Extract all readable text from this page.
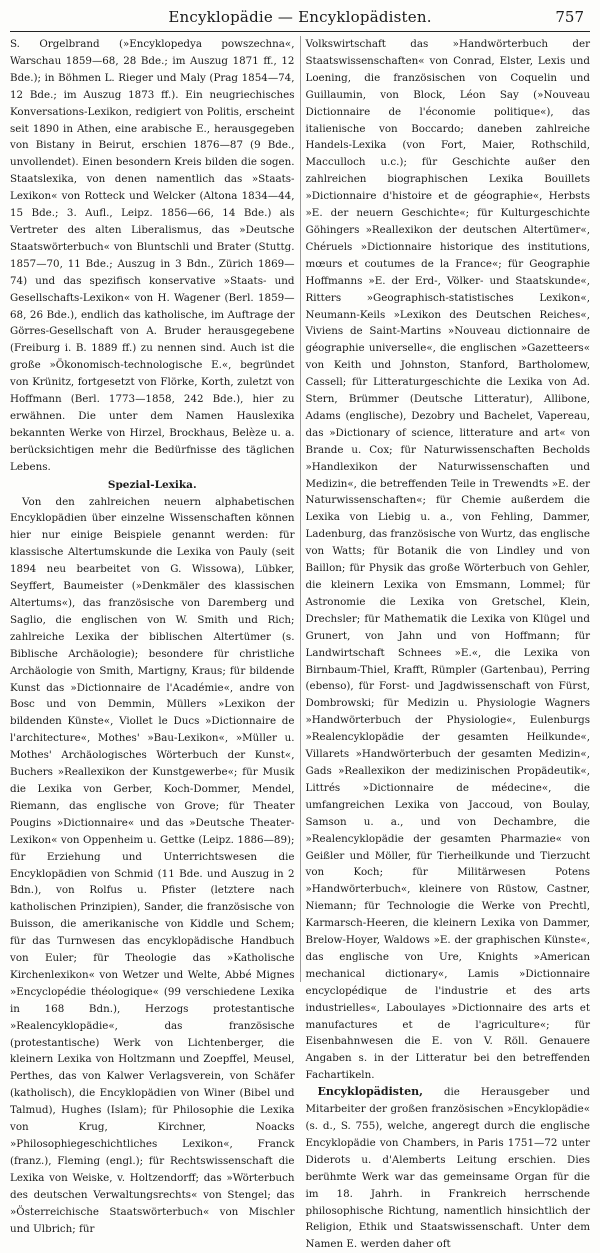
Encyklopädie — Encyklopädisten.	757

S. Orgelbrand (»Encyklopedya powszechna«, Warschau 1859—68, 28 Bde.; im Auszug 1871 ff., 12 Bde.); in Böhmen L. Rieger und Maly (Prag 1854—74, 12 Bde.; im Auszug 1873 ff.). Ein neugriechisches Konversations-Lexikon, redigiert von Politis, erscheint seit 1890 in Athen, eine arabische E., herausgegeben von Bistany in Beirut, erschien 1876—87 (9 Bde., unvollendet). Einen besondern Kreis bilden die sogen. Staatslexika, von denen namentlich das »Staats-Lexikon« von Rotteck und Welcker (Altona 1834—44, 15 Bde.; 3. Aufl., Leipz. 1856—66, 14 Bde.) als Vertreter des alten Liberalismus, das »Deutsche Staatswörterbuch« von Bluntschli und Brater (Stuttg. 1857—70, 11 Bde.; Auszug in 3 Bdn., Zürich 1869—74) und das spezifisch konservative »Staats- und Gesellschafts-Lexikon« von H. Wagener (Berl. 1859—68, 26 Bde.), endlich das katholische, im Auftrage der Görres-Gesellschaft von A. Bruder herausgegebene (Freiburg i. B. 1889 ff.) zu nennen sind. Auch ist die große »Ökonomisch-technologische E.«, begründet von Krünitz, fortgesetzt von Flörke, Korth, zuletzt von Hoffmann (Berl. 1773—1858, 242 Bde.), hier zu erwähnen. Die unter dem Namen Hauslexika bekannten Werke von Hirzel, Brockhaus, Belèze u. a. berücksichtigen mehr die Bedürfnisse des täglichen Lebens.

Spezial-Lexika.

Von den zahlreichen neuern alphabetischen Encyklopädien über einzelne Wissenschaften können hier nur einige Beispiele genannt werden: für klassische Altertumskunde die Lexika von Pauly (seit 1894 neu bearbeitet von G. Wissowa), Lübker, Seyffert, Baumeister (»Denkmäler des klassischen Altertums«), das französische von Daremberg und Saglio, die englischen von W. Smith und Rich; zahlreiche Lexika der biblischen Altertümer (s. Biblische Archäologie); besondere für christliche Archäologie von Smith, Martigny, Kraus; für bildende Kunst das »Dictionnaire de l'Académie«, andre von Bosc und von Demmin, Müllers »Lexikon der bildenden Künste«, Viollet le Ducs »Dictionnaire de l'architecture«, Mothes' »Bau-Lexikon«, »Müller u. Mothes' Archäologisches Wörterbuch der Kunst«, Buchers »Reallexikon der Kunstgewerbe«; für Musik die Lexika von Gerber, Koch-Dommer, Mendel, Riemann, das englische von Grove; für Theater Pougins »Dictionnaire« und das »Deutsche Theater-Lexikon« von Oppenheim u. Gettke (Leipz. 1886—89); für Erziehung und Unterrichtswesen die Encyklopädien von Schmid (11 Bde. und Auszug in 2 Bdn.), von Rolfus u. Pfister (letztere nach katholischen Prinzipien), Sander, die französische von Buisson, die amerikanische von Kiddle und Schem; für das Turnwesen das encyklopädische Handbuch von Euler; für Theologie das »Katholische Kirchenlexikon« von Wetzer und Welte, Abbé Mignes »Encyclopédie théologique« (99 verschiedene Lexika in 168 Bdn.), Herzogs protestantische »Realencyklopädie«, das französische (protestantische) Werk von Lichtenberger, die kleinern Lexika von Holtzmann und Zoepffel, Meusel, Perthes, das von Kalwer Verlagsverein, von Schäfer (katholisch), die Encyklopädien von Winer (Bibel und Talmud), Hughes (Islam); für Philosophie die Lexika von Krug, Kirchner, Noacks »Philosophiegeschichtliches Lexikon«, Franck (franz.), Fleming (engl.); für Rechtswissenschaft die Lexika von Weiske, v. Holtzendorff; das »Wörterbuch des deutschen Verwaltungsrechts« von Stengel; das »Österreichische Staatswörterbuch« von Mischler und Ulbrich; für

Volkswirtschaft das »Handwörterbuch der Staatswissenschaften« von Conrad, Elster, Lexis und Loening, die französischen von Coquelin und Guillaumin, von Block, Léon Say (»Nouveau Dictionnaire de l'économie politique«), das italienische von Boccardo; daneben zahlreiche Handels-Lexika (von Fort, Maier, Rothschild, Macculloch u.c.); für Geschichte außer den zahlreichen biographischen Lexika Bouillets »Dictionnaire d'histoire et de géographie«, Herbsts »E. der neuern Geschichte«; für Kulturgeschichte Göhingers »Reallexikon der deutschen Altertümer«, Chéruels »Dictionnaire historique des institutions, mœurs et coutumes de la France«; für Geographie Hoffmanns »E. der Erd-, Völker- und Staatskunde«, Ritters »Geographisch-statistisches Lexikon«, Neumann-Keils »Lexikon des Deutschen Reiches«, Viviens de Saint-Martins »Nouveau dictionnaire de géographie universelle«, die englischen »Gazetteers« von Keith und Johnston, Stanford, Bartholomew, Cassell; für Litteraturgeschichte die Lexika von Ad. Stern, Brümmer (Deutsche Litteratur), Allibone, Adams (englische), Dezobry und Bachelet, Vapereau, das »Dictionary of science, litterature and art« von Brande u. Cox; für Naturwissenschaften Becholds »Handlexikon der Naturwissenschaften und Medizin«, die betreffenden Teile in Trewendts »E. der Naturwissenschaften«; für Chemie außerdem die Lexika von Liebig u. a., von Fehling, Dammer, Ladenburg, das französische von Wurtz, das englische von Watts; für Botanik die von Lindley und von Baillon; für Physik das große Wörterbuch von Gehler, die kleinern Lexika von Emsmann, Lommel; für Astronomie die Lexika von Gretschel, Klein, Drechsler; für Mathematik die Lexika von Klügel und Grunert, von Jahn und von Hoffmann; für Landwirtschaft Schnees »E.«, die Lexika von Birnbaum-Thiel, Krafft, Rümpler (Gartenbau), Perring (ebenso), für Forst- und Jagdwissenschaft von Fürst, Dombrowski; für Medizin u. Physiologie Wagners »Handwörterbuch der Physiologie«, Eulenburgs »Realencyklopädie der gesamten Heilkunde«, Villarets »Handwörterbuch der gesamten Medizin«, Gads »Reallexikon der medizinischen Propädeutik«, Littrés »Dictionnaire de médecine«, die umfangreichen Lexika von Jaccoud, von Boulay, Samson u. a., und von Dechambre, die »Realencyklopädie der gesamten Pharmazie« von Geißler und Möller, für Tierheilkunde und Tierzucht von Koch; für Militärwesen Potens »Handwörterbuch«, kleinere von Rüstow, Castner, Niemann; für Technologie die Werke von Prechtl, Karmarsch-Heeren, die kleinern Lexika von Dammer, Brelow-Hoyer, Waldows »E. der graphischen Künste«, das englische von Ure, Knights »American mechanical dictionary«, Lamis »Dictionnaire encyclopédique de l'industrie et des arts industrielles«, Laboulayes »Dictionnaire des arts et manufactures et de l'agriculture«; für Eisenbahnwesen die E. von V. Röll. Genauere Angaben s. in der Litteratur bei den betreffenden Fachartikeln.

Encyklopädisten, die Herausgeber und Mitarbeiter der großen französischen »Encyklopädie« (s. d., S. 755), welche, angeregt durch die englische Encyklopädie von Chambers, in Paris 1751—72 unter Diderots u. d'Alemberts Leitung erschien. Dies berühmte Werk war das gemeinsame Organ für die im 18. Jahrh. in Frankreich herrschende philosophische Richtung, namentlich hinsichtlich der Religion, Ethik und Staatswissenschaft. Unter dem Namen E. werden daher oft
